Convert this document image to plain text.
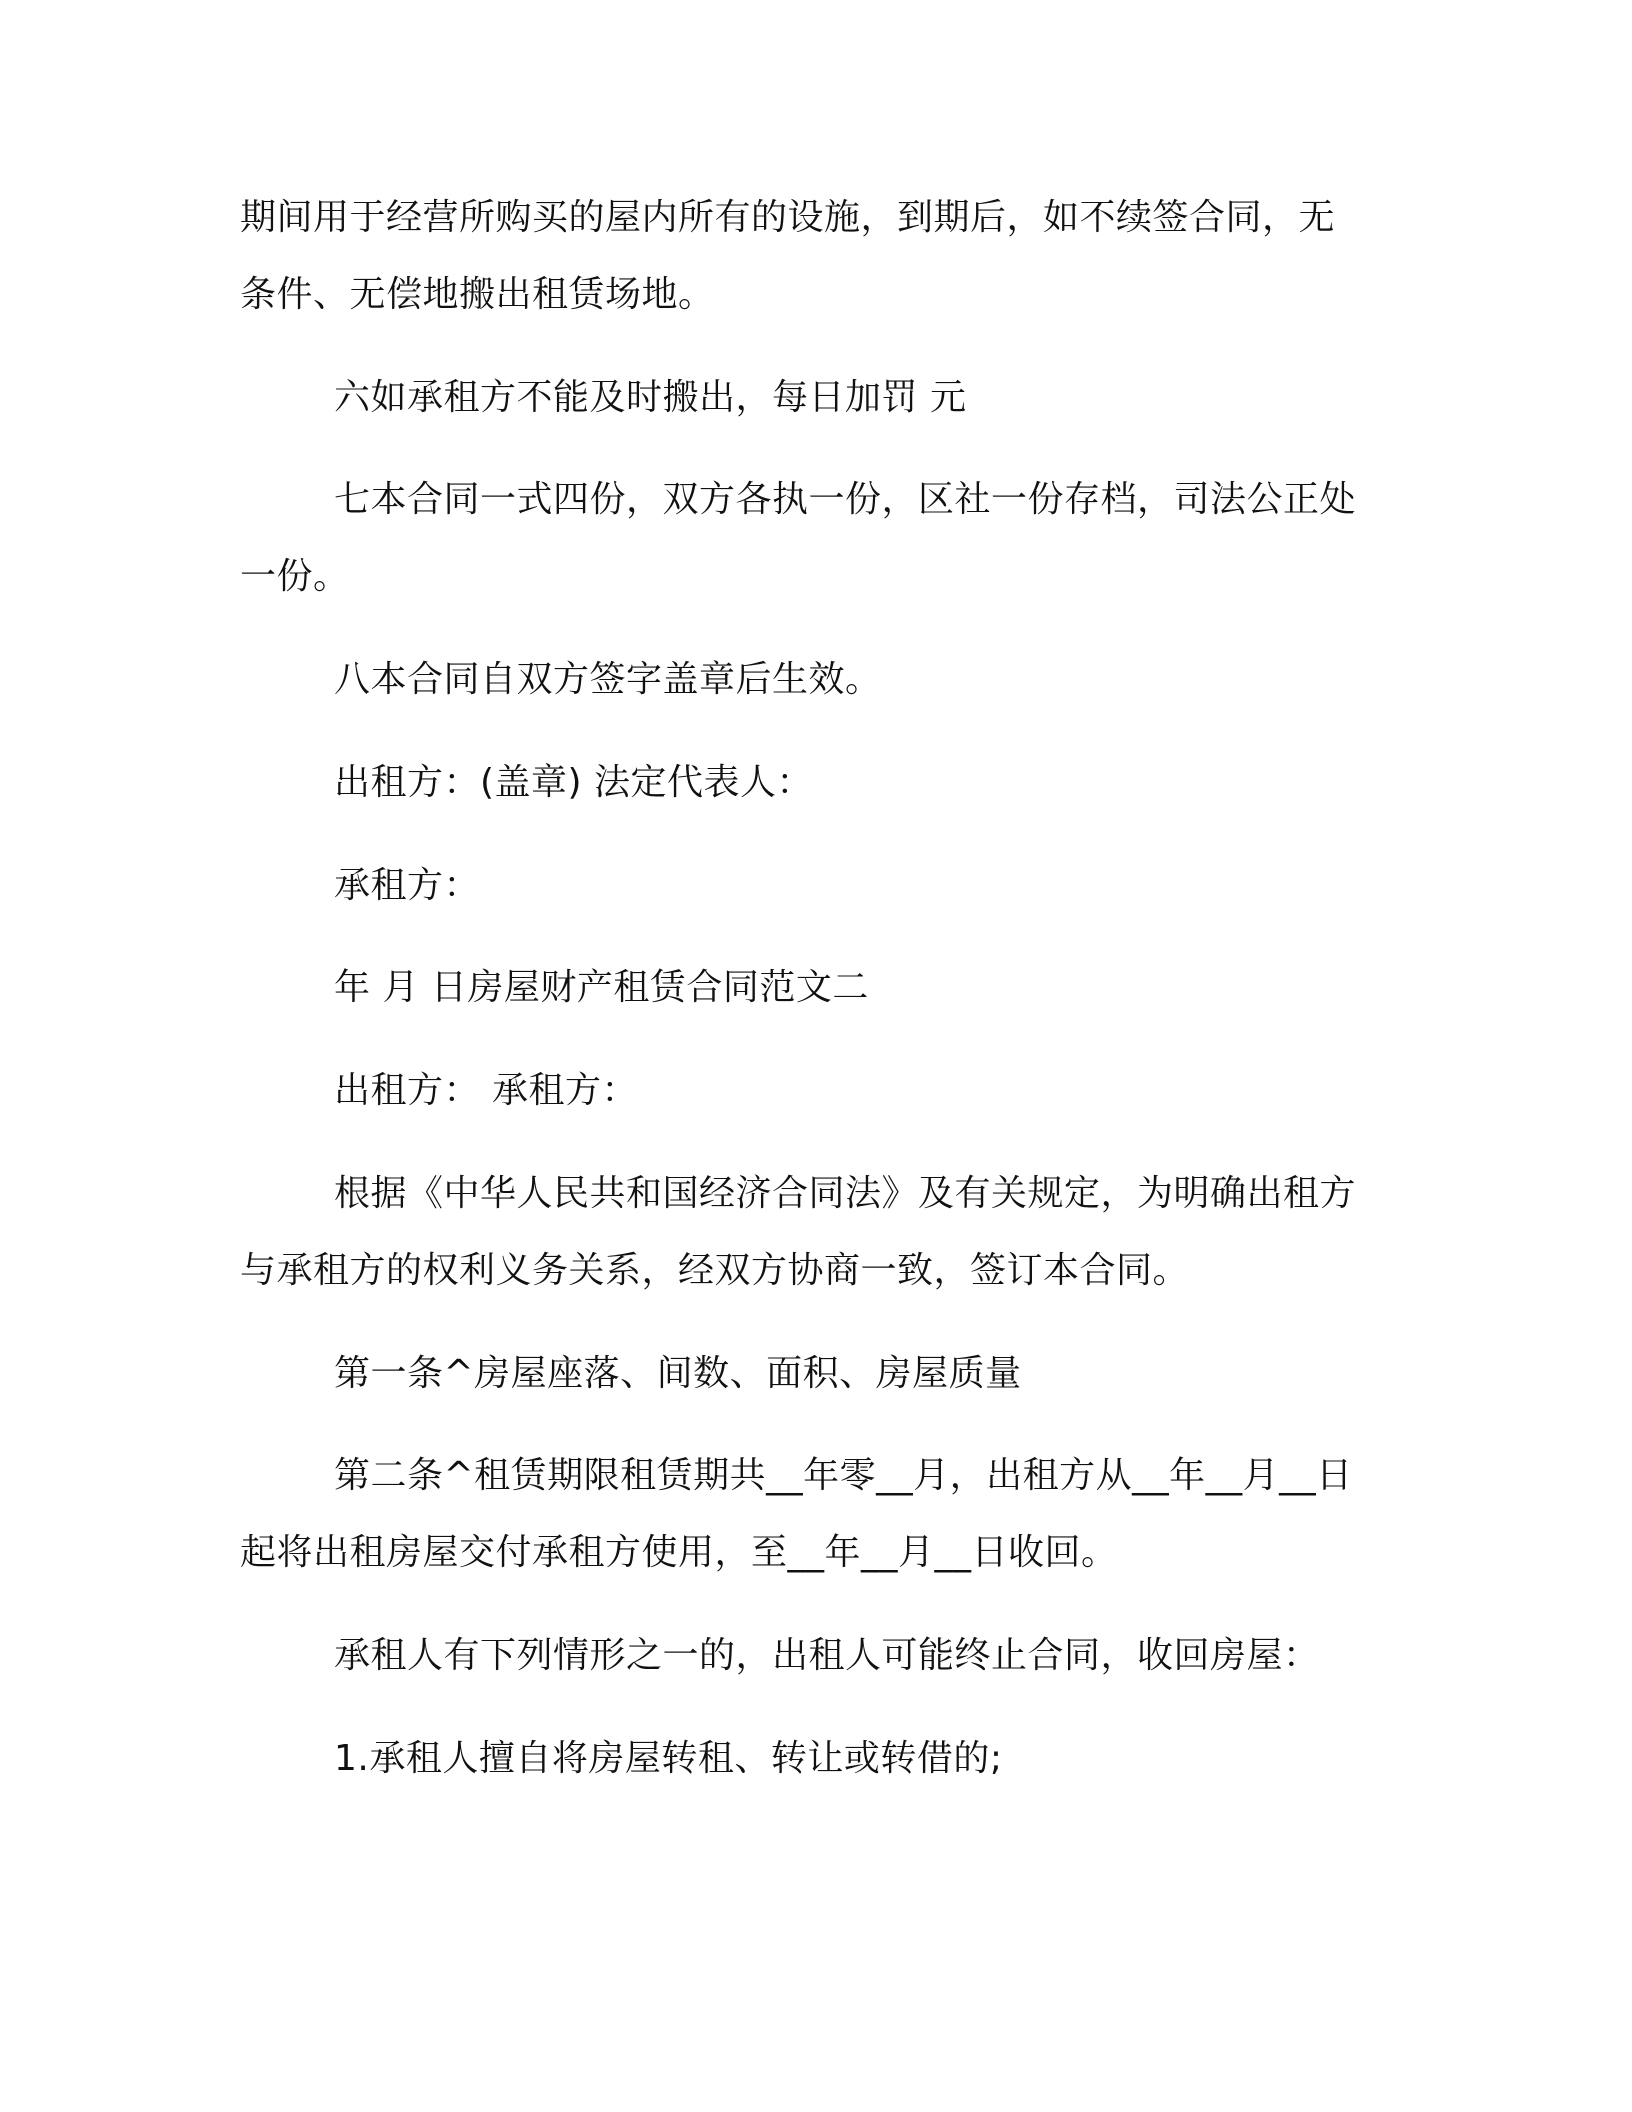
期间用于经营所购买的屋内所有的设施，到期后，如不续签合同，无
条件、无偿地搬出租赁场地。
六如承租方不能及时搬出，每日加罚 元
七本合同一式四份，双方各执一份，区社一份存档，司法公正处
一份。
八本合同自双方签字盖章后生效。
出租方：(盖章) 法定代表人：
承租方：
年 月 日房屋财产租赁合同范文二
出租方： 承租方：
根据《中华人民共和国经济合同法》及有关规定，为明确出租方
与承租方的权利义务关系，经双方协商一致，签订本合同。
第一条^房屋座落、间数、面积、房屋质量
第二条^租赁期限租赁期共__年零__月，出租方从__年__月__日
起将出租房屋交付承租方使用，至__年__月__日收回。
承租人有下列情形之一的，出租人可能终止合同，收回房屋：
1.承租人擅自将房屋转租、转让或转借的;
